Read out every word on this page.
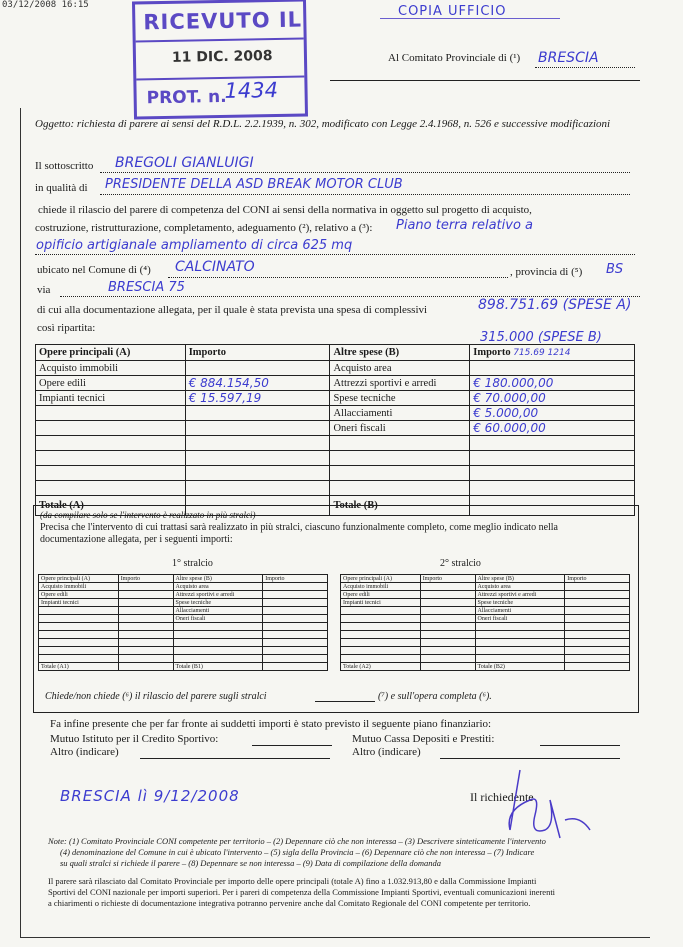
03/12/2008 16:15	COPIA UFFICIO
RICEVUTO IL
11 DIC. 2008
PROT. n.
1434
Al Comitato Provinciale di (¹) BRESCIA
Oggetto: richiesta di parere ai sensi del R.D.L. 2.2.1939, n. 302, modificato con Legge 2.4.1968, n. 526 e successive modificazioni
Il sottoscritto BREGOLI GIANLUIGI
in qualità di PRESIDENTE DELLA ASD BREAK MOTOR CLUB
chiede il rilascio del parere di competenza del CONI ai sensi della normativa in oggetto sul progetto di acquisto,
costruzione, ristrutturazione, completamento, adeguamento (²), relativo a (³): Piano terra relativo a
opificio artigianale ampliamento di circa 625 mq
ubicato nel Comune di (⁴) CALCINATO	, provincia di (⁵) BS
via	BRESCIA 75
di cui alla documentazione allegata, per il quale è stata prevista una spesa di complessivi	898.751.69 (SPESE A)
315.000 (SPESE B)
così ripartita:
Opere principali (A)	Importo	Altre spese (B)	Importo 715.69 1214
Acquisto immobili		Acquisto area	
Opere edili	€ 884.154,50	Attrezzi sportivi e arredi	€ 180.000,00
Impianti tecnici	€ 15.597,19	Spese tecniche	€ 70.000,00
		Allacciamenti	€ 5.000,00
		Oneri fiscali	€ 60.000,00

Totale (A)		Totale (B)	
(da compilare solo se l'intervento è realizzato in più stralci)
Precisa che l'intervento di cui trattasi sarà realizzato in più stralci, ciascuno funzionalmente completo, come meglio indicato nella
documentazione allegata, per i seguenti importi:
1° stralcio	2° stralcio
Opere principali (A)	Importo	Altre spese (B)	Importo
Acquisto immobili		Acquisto area	
Opere edili		Attrezzi sportivi e arredi	
Impianti tecnici		Spese tecniche	
		Allacciamenti	
		Oneri fiscali	

Totale (A1)		Totale (B1)	
Opere principali (A)	Importo	Altre spese (B)	Importo
Acquisto immobili		Acquisto area	
Opere edili		Attrezzi sportivi e arredi	
Impianti tecnici		Spese tecniche	
		Allacciamenti	
		Oneri fiscali	

Totale (A2)		Totale (B2)	
Chiede/non chiede (⁶) il rilascio del parere sugli stralci	(⁷) e sull'opera completa (⁶).
Fa infine presente che per far fronte ai suddetti importi è stato previsto il seguente piano finanziario:
Mutuo Istituto per il Credito Sportivo:	Mutuo Cassa Depositi e Prestiti:
Altro (indicare)	Altro (indicare)
BRESCIA lì 9/12/2008	Il richiedente
Note: (1) Comitato Provinciale CONI competente per territorio – (2) Depennare ciò che non interessa – (3) Descrivere sinteticamente l'intervento
(4) denominazione del Comune in cui è ubicato l'intervento – (5) sigla della Provincia – (6) Depennare ciò che non interessa – (7) Indicare
su quali stralci si richiede il parere – (8) Depennare se non interessa – (9) Data di compilazione della domanda
Il parere sarà rilasciato dal Comitato Provinciale per importo delle opere principali (totale A) fino a 1.032.913,80 e dalla Commissione Impianti
Sportivi del CONI nazionale per importi superiori. Per i pareri di competenza della Commissione Impianti Sportivi, eventuali comunicazioni inerenti
a chiarimenti o richieste di documentazione integrativa potranno pervenire anche dal Comitato Regionale del CONI competente per territorio.
